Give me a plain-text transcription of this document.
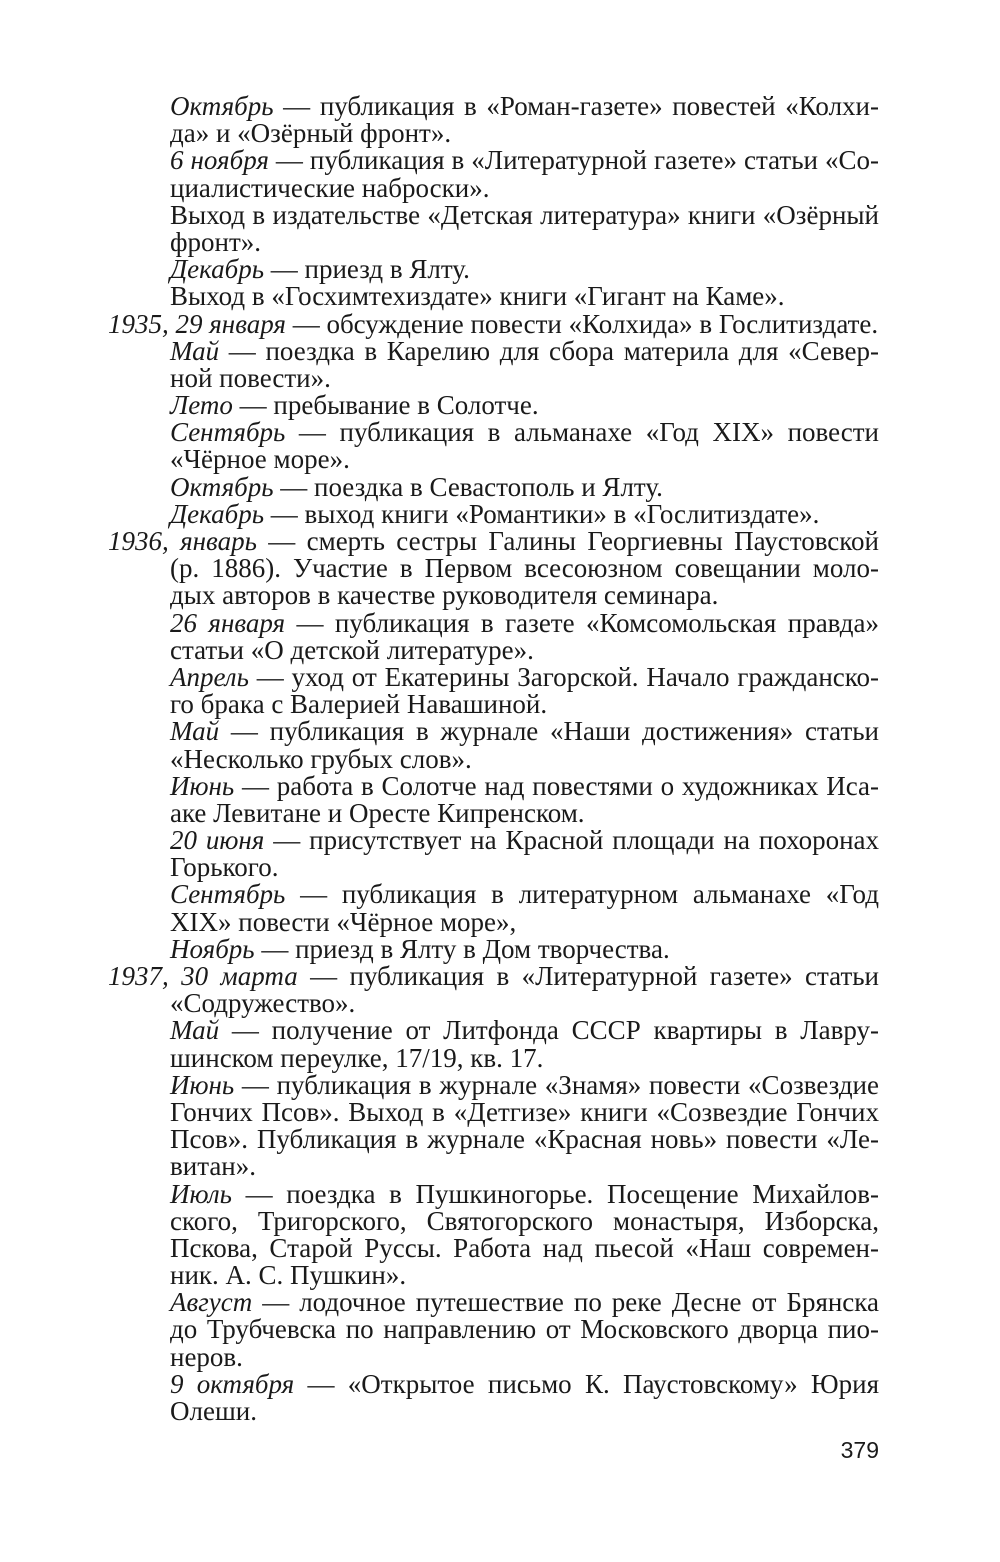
Октябрь — публикация в «Роман-газете» повестей «Колхи-
да» и «Озёрный фронт».
6 ноября — публикация в «Литературной газете» статьи «Со-
циалистические наброски».
Выход в издательстве «Детская литература» книги «Озёрный
фронт».
Декабрь — приезд в Ялту.
Выход в «Госхимтехиздате» книги «Гигант на Каме».
1935, 29 января — обсуждение повести «Колхида» в Гослитиздате.
Май — поездка в Карелию для сбора материла для «Север-
ной повести».
Лето — пребывание в Солотче.
Сентябрь — публикация в альманахе «Год XIX» повести
«Чёрное море».
Октябрь — поездка в Севастополь и Ялту.
Декабрь — выход книги «Романтики» в «Гослитиздате».
1936, январь — смерть сестры Галины Георгиевны Паустовской
(р. 1886). Участие в Первом всесоюзном совещании моло-
дых авторов в качестве руководителя семинара.
26 января — публикация в газете «Комсомольская правда»
статьи «О детской литературе».
Апрель — уход от Екатерины Загорской. Начало гражданско-
го брака с Валерией Навашиной.
Май — публикация в журнале «Наши достижения» статьи
«Несколько грубых слов».
Июнь — работа в Солотче над повестями о художниках Иса-
аке Левитане и Оресте Кипренском.
20 июня — присутствует на Красной площади на похоронах
Горького.
Сентябрь — публикация в литературном альманахе «Год
XIX» повести «Чёрное море»,
Ноябрь — приезд в Ялту в Дом творчества.
1937, 30 марта — публикация в «Литературной газете» статьи
«Содружество».
Май — получение от Литфонда СССР квартиры в Лавру-
шинском переулке, 17/19, кв. 17.
Июнь — публикация в журнале «Знамя» повести «Созвездие
Гончих Псов». Выход в «Детгизе» книги «Созвездие Гончих
Псов». Публикация в журнале «Красная новь» повести «Ле-
витан».
Июль — поездка в Пушкиногорье. Посещение Михайлов-
ского, Тригорского, Святогорского монастыря, Изборска,
Пскова, Старой Руссы. Работа над пьесой «Наш современ-
ник. А. С. Пушкин».
Август — лодочное путешествие по реке Десне от Брянска
до Трубчевска по направлению от Московского дворца пио-
неров.
9 октября — «Открытое письмо К. Паустовскому» Юрия
Олеши.
379
